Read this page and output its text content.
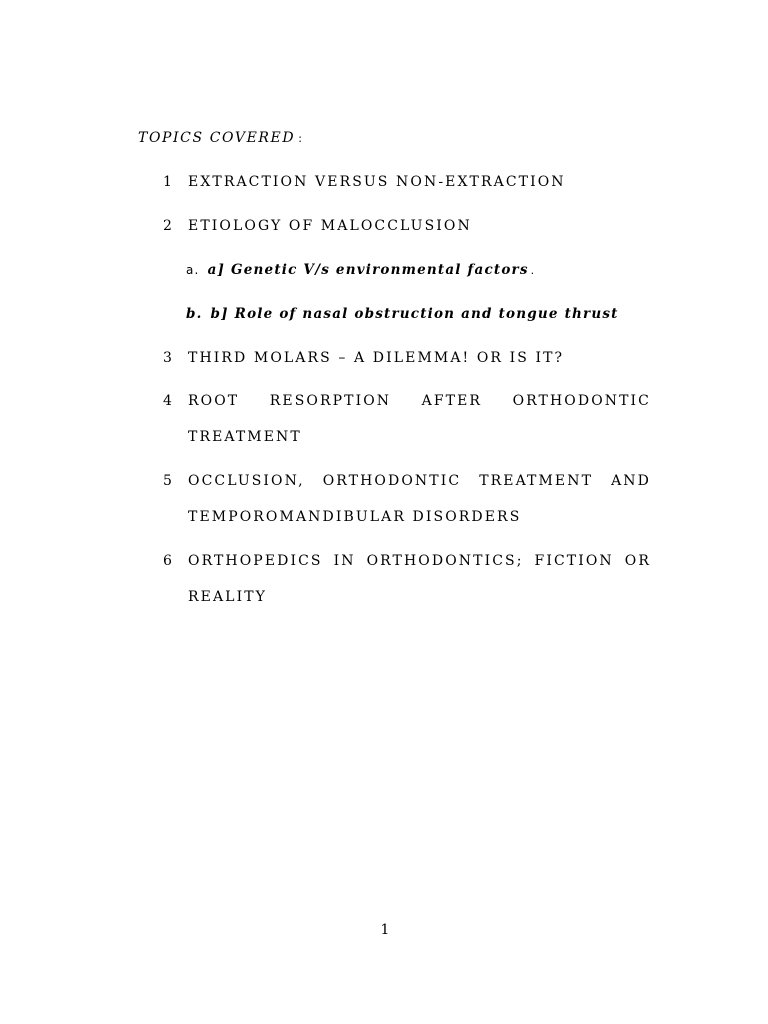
TOPICS COVERED :
1 EXTRACTION VERSUS NON-EXTRACTION
2 ETIOLOGY OF MALOCCLUSION
a. a] Genetic V/s environmental factors .
b. b] Role of nasal obstruction and tongue thrust
3 THIRD MOLARS – A DILEMMA! OR IS IT?
4 ROOT RESORPTION AFTER ORTHODONTIC
TREATMENT
5 OCCLUSION, ORTHODONTIC TREATMENT AND
TEMPOROMANDIBULAR DISORDERS
6 ORTHOPEDICS IN ORTHODONTICS; FICTION OR
REALITY
1
